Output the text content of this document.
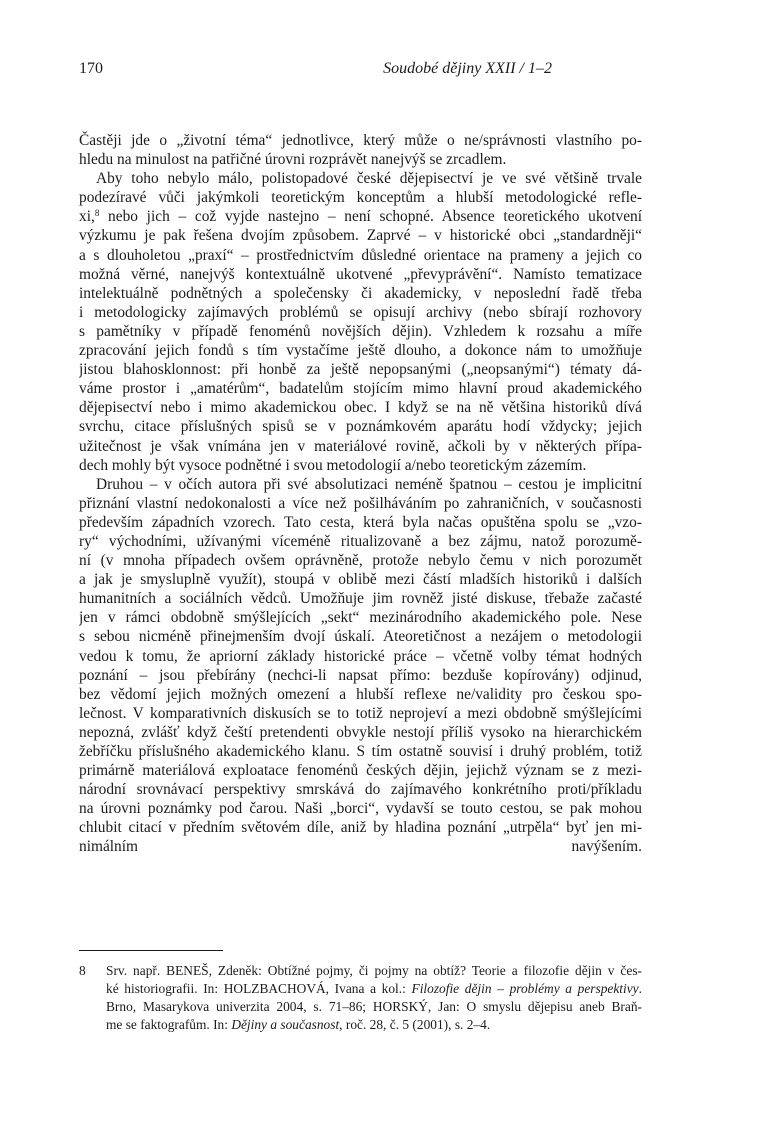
170	Soudobé dějiny XXII / 1–2
Častěji jde o „životní téma“ jednotlivce, který může o ne/správnosti vlastního po-
hledu na minulost na patřičné úrovni rozprávět nanejvýš se zrcadlem.
Aby toho nebylo málo, polistopadové české dějepisectví je ve své většině trvale
podezíravé vůči jakýmkoli teoretickým konceptům a hlubší metodologické refle-
xi,$^8$ nebo jich – což vyjde nastejno – není schopné. Absence teoretického ukotvení
výzkumu je pak řešena dvojím způsobem. Zaprvé – v historické obci „standardněji“
a s dlouholetou „praxí“ – prostřednictvím důsledné orientace na prameny a jejich co
možná věrné, nanejvýš kontextuálně ukotvené „převyprávění“. Namísto tematizace
intelektuálně podnětných a společensky či akademicky, v neposlední řadě třeba
i metodologicky zajímavých problémů se opisují archivy (nebo sbírají rozhovory
s pamětníky v případě fenoménů novějších dějin). Vzhledem k rozsahu a míře
zpracování jejich fondů s tím vystačíme ještě dlouho, a dokonce nám to umožňuje
jistou blahosklonnost: při honbě za ještě nepopsanými („neopsanými“) tématy dá-
váme prostor i „amatérům“, badatelům stojícím mimo hlavní proud akademického
dějepisectví nebo i mimo akademickou obec. I když se na ně většina historiků dívá
svrchu, citace příslušných spisů se v poznámkovém aparátu hodí vždycky; jejich
užitečnost je však vnímána jen v materiálové rovině, ačkoli by v některých přípa-
dech mohly být vysoce podnětné i svou metodologií a/nebo teoretickým zázemím.
Druhou – v očích autora při své absolutizaci neméně špatnou – cestou je implicitní
přiznání vlastní nedokonalosti a více než pošilháváním po zahraničních, v současnosti
především západních vzorech. Tato cesta, která byla načas opuštěna spolu se „vzo-
ry“ východními, užívanými víceméně ritualizovaně a bez zájmu, natož porozumě-
ní (v mnoha případech ovšem oprávněně, protože nebylo čemu v nich porozumět
a jak je smysluplně využít), stoupá v oblibě mezi částí mladších historiků i dalších
humanitních a sociálních vědců. Umožňuje jim rovněž jisté diskuse, třebaže začasté
jen v rámci obdobně smýšlejících „sekt“ mezinárodního akademického pole. Nese
s sebou nicméně přinejmenším dvojí úskalí. Ateoretičnost a nezájem o metodologii
vedou k tomu, že apriorní základy historické práce – včetně volby témat hodných
poznání – jsou přebírány (nechci-li napsat přímo: bezduše kopírovány) odjinud,
bez vědomí jejich možných omezení a hlubší reflexe ne/validity pro českou spo-
lečnost. V komparativních diskusích se to totiž neprojeví a mezi obdobně smýšlejícími
nepozná, zvlášť když čeští pretendenti obvykle nestojí příliš vysoko na hierarchickém
žebříčku příslušného akademického klanu. S tím ostatně souvisí i druhý problém, totiž
primárně materiálová exploatace fenoménů českých dějin, jejichž význam se z mezi-
národní srovnávací perspektivy smrskává do zajímavého konkrétního proti/příkladu
na úrovni poznámky pod čarou. Naši „borci“, vydavší se touto cestou, se pak mohou
chlubit citací v předním světovém díle, aniž by hladina poznání „utrpěla“ byť jen mi-
nimálním navýšením.
8 Srv. např. BENEŠ, Zdeněk: Obtížné pojmy, či pojmy na obtíž? Teorie a filozofie dějin v čes-
ké historiografii. In: HOLZBACHOVÁ, Ivana a kol.: Filozofie dějin – problémy a perspektivy.
Brno, Masarykova univerzita 2004, s. 71–86; HORSKÝ, Jan: O smyslu dějepisu aneb Braň-
me se faktografům. In: Dějiny a současnost, roč. 28, č. 5 (2001), s. 2–4.
